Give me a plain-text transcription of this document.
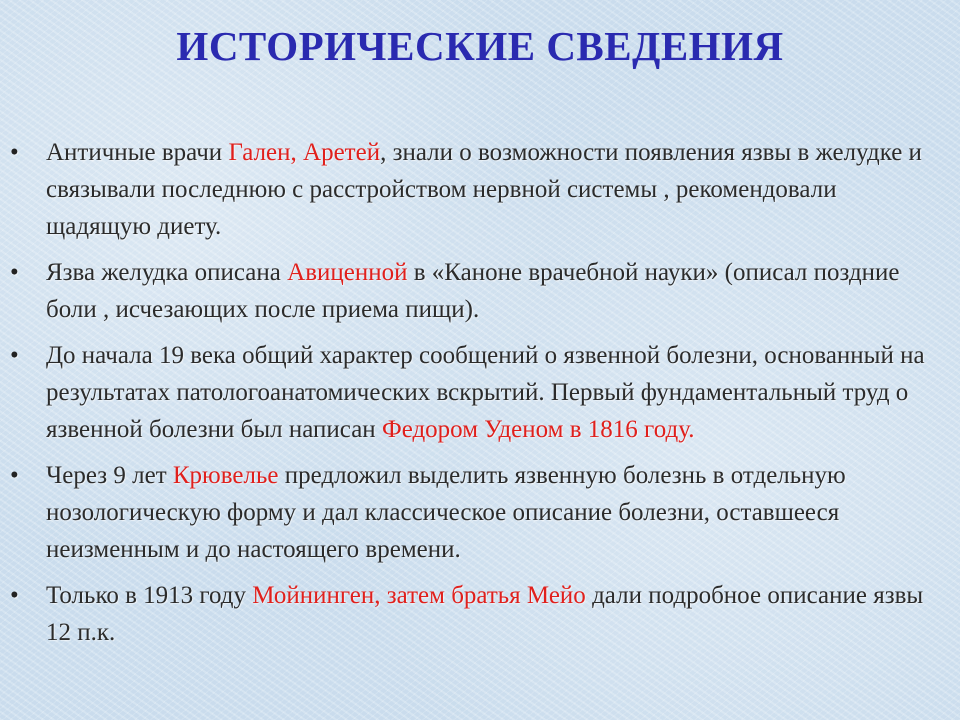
ИСТОРИЧЕСКИЕ СВЕДЕНИЯ
•	Античные врачи Гален, Аретей, знали о возможности появления язвы в желудке и связывали последнюю с расстройством нервной системы , рекомендовали щадящую диету.
•	Язва желудка описана Авиценной в «Каноне врачебной науки» (описал поздние боли , исчезающих после приема пищи).
•	До начала 19 века общий характер сообщений о язвенной болезни, основанный на результатах патологоанатомических вскрытий. Первый фундаментальный труд о язвенной болезни был написан Федором Уденом в 1816 году.
•	Через 9 лет Крювелье предложил выделить язвенную болезнь в отдельную нозологическую форму и дал классическое описание болезни, оставшееся неизменным и до настоящего времени.
•	Только в 1913 году Мойнинген, затем братья Мейо дали подробное описание язвы 12 п.к.
